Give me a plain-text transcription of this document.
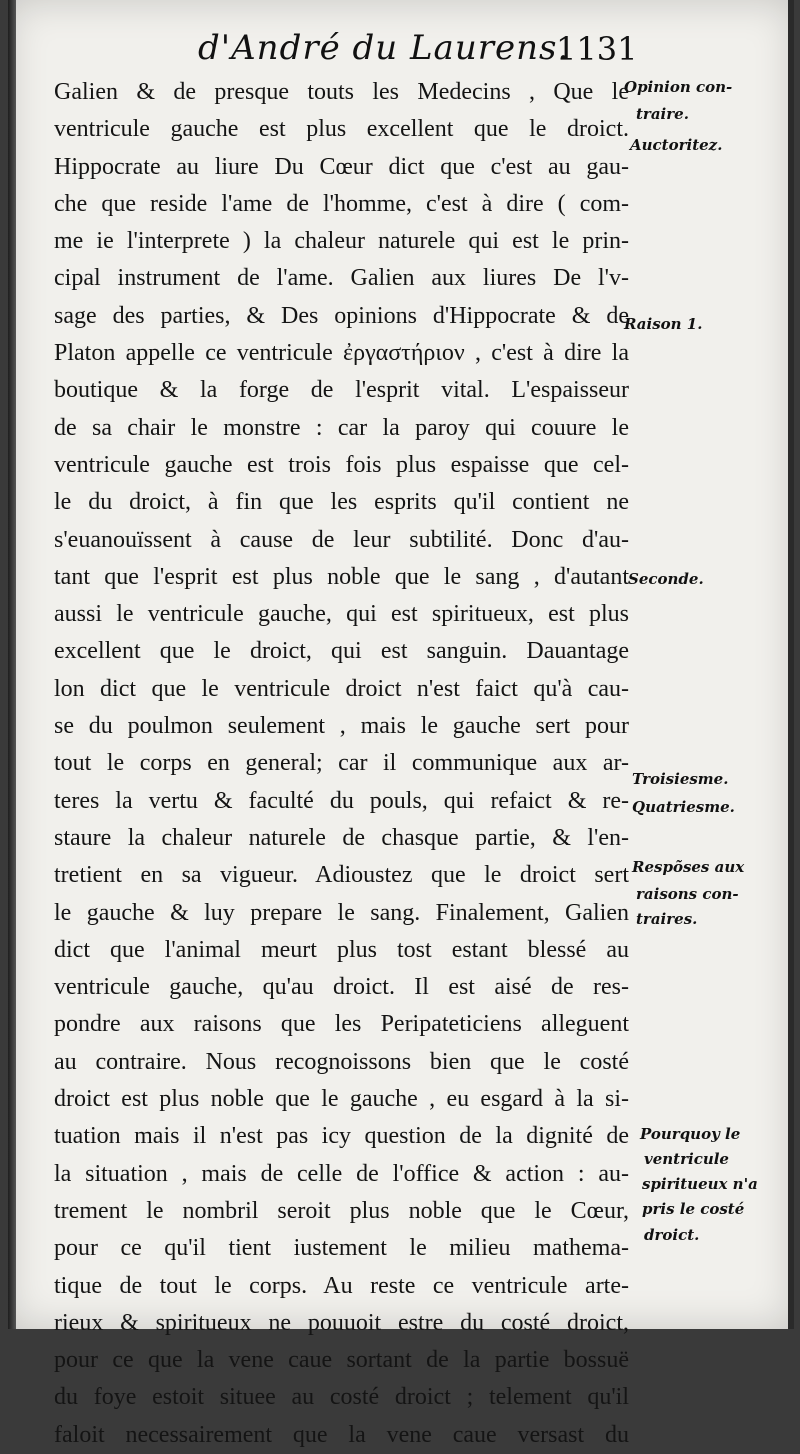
d'André du Laurens.
1131
Galien & de presque touts les Medecins , Que le
ventricule gauche est plus excellent que le droict.
Hippocrate au liure Du Cœur dict que c'est au gau-
che que reside l'ame de l'homme, c'est à dire ( com-
me ie l'interprete ) la chaleur naturele qui est le prin-
cipal instrument de l'ame. Galien aux liures De l'v-
sage des parties, & Des opinions d'Hippocrate & de
Platon appelle ce ventricule ἐργαστήριον , c'est à dire la
boutique & la forge de l'esprit vital. L'espaisseur
de sa chair le monstre : car la paroy qui couure le
ventricule gauche est trois fois plus espaisse que cel-
le du droict, à fin que les esprits qu'il contient ne
s'euanouïssent à cause de leur subtilité. Donc d'au-
tant que l'esprit est plus noble que le sang , d'autant
aussi le ventricule gauche, qui est spiritueux, est plus
excellent que le droict, qui est sanguin. Dauantage
lon dict que le ventricule droict n'est faict qu'à cau-
se du poulmon seulement , mais le gauche sert pour
tout le corps en general; car il communique aux ar-
teres la vertu & faculté du pouls, qui refaict & re-
staure la chaleur naturele de chasque partie, & l'en-
tretient en sa vigueur. Adioustez que le droict sert
le gauche & luy prepare le sang. Finalement, Galien
dict que l'animal meurt plus tost estant blessé au
ventricule gauche, qu'au droict. Il est aisé de res-
pondre aux raisons que les Peripateticiens alleguent
au contraire. Nous recognoissons bien que le costé
droict est plus noble que le gauche , eu esgard à la si-
tuation mais il n'est pas icy question de la dignité de
la situation , mais de celle de l'office & action : au-
trement le nombril seroit plus noble que le Cœur,
pour ce qu'il tient iustement le milieu mathema-
tique de tout le corps. Au reste ce ventricule arte-
rieux & spiritueux ne pouuoit estre du costé droict,
pour ce que la vene caue sortant de la partie bossuë
du foye estoit situee au costé droict ; telement qu'il
faloit necessairement que la vene caue versast du
Opinion con-
traire.
Auctoritez.
Raison 1.
Seconde.
Troisiesme.
Quatriesme.
Respõses aux
raisons con-
traires.
Pourquoy le
ventricule
spiritueux n'a
pris le costé
droict.
